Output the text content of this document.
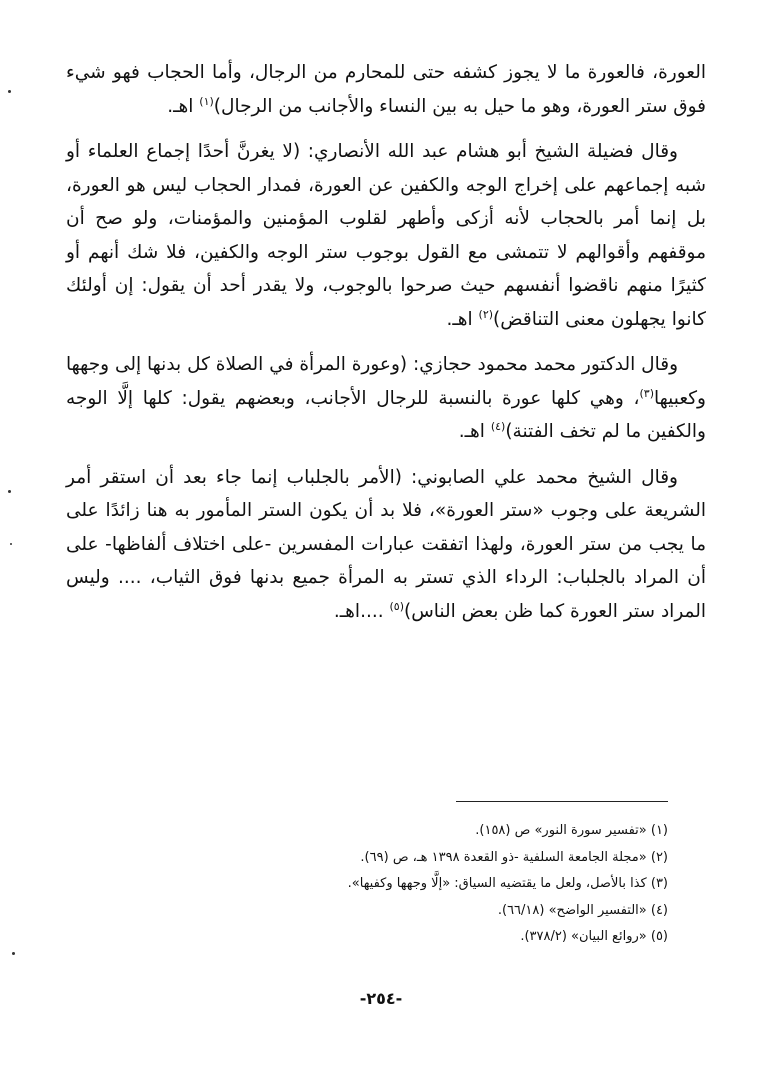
العورة، فالعورة ما لا يجوز كشفه حتى للمحارم من الرجال، وأما الحجاب فهو شيء فوق ستر العورة، وهو ما حيل به بين النساء والأجانب من الرجال)$^{(١)}$ اهـ.

وقال فضيلة الشيخ أبو هشام عبد الله الأنصاري: (لا يغرنَّ أحدًا إجماع العلماء أو شبه إجماعهم على إخراج الوجه والكفين عن العورة، فمدار الحجاب ليس هو العورة، بل إنما أمر بالحجاب لأنه أزكى وأطهر لقلوب المؤمنين والمؤمنات، ولو صح أن موقفهم وأقوالهم لا تتمشى مع القول بوجوب ستر الوجه والكفين، فلا شك أنهم أو كثيرًا منهم ناقضوا أنفسهم حيث صرحوا بالوجوب، ولا يقدر أحد أن يقول: إن أولئك كانوا يجهلون معنى التناقض)$^{(٢)}$ اهـ.

وقال الدكتور محمد محمود حجازي: (وعورة المرأة في الصلاة كل بدنها إلى وجهها وكعبيها$^{(٣)}$، وهي كلها عورة بالنسبة للرجال الأجانب، وبعضهم يقول: كلها إلَّا الوجه والكفين ما لم تخف الفتنة)$^{(٤)}$ اهـ.

وقال الشيخ محمد علي الصابوني: (الأمر بالجلباب إنما جاء بعد أن استقر أمر الشريعة على وجوب «ستر العورة»، فلا بد أن يكون الستر المأمور به هنا زائدًا على ما يجب من ستر العورة، ولهذا اتفقت عبارات المفسرين -على اختلاف ألفاظها- على أن المراد بالجلباب: الرداء الذي تستر به المرأة جميع بدنها فوق الثياب، .... وليس المراد ستر العورة كما ظن بعض الناس)$^{(٥)}$ ....اهـ.

(١) «تفسير سورة النور» ص (١٥٨).
(٢) «مجلة الجامعة السلفية -ذو القعدة ١٣٩٨ هـ، ص (٦٩).
(٣) كذا بالأصل، ولعل ما يقتضيه السياق: «إلَّا وجهها وكفيها».
(٤) «التفسير الواضح» (٦٦/١٨).
(٥) «روائع البيان» (٣٧٨/٢).
-٢٥٤-
